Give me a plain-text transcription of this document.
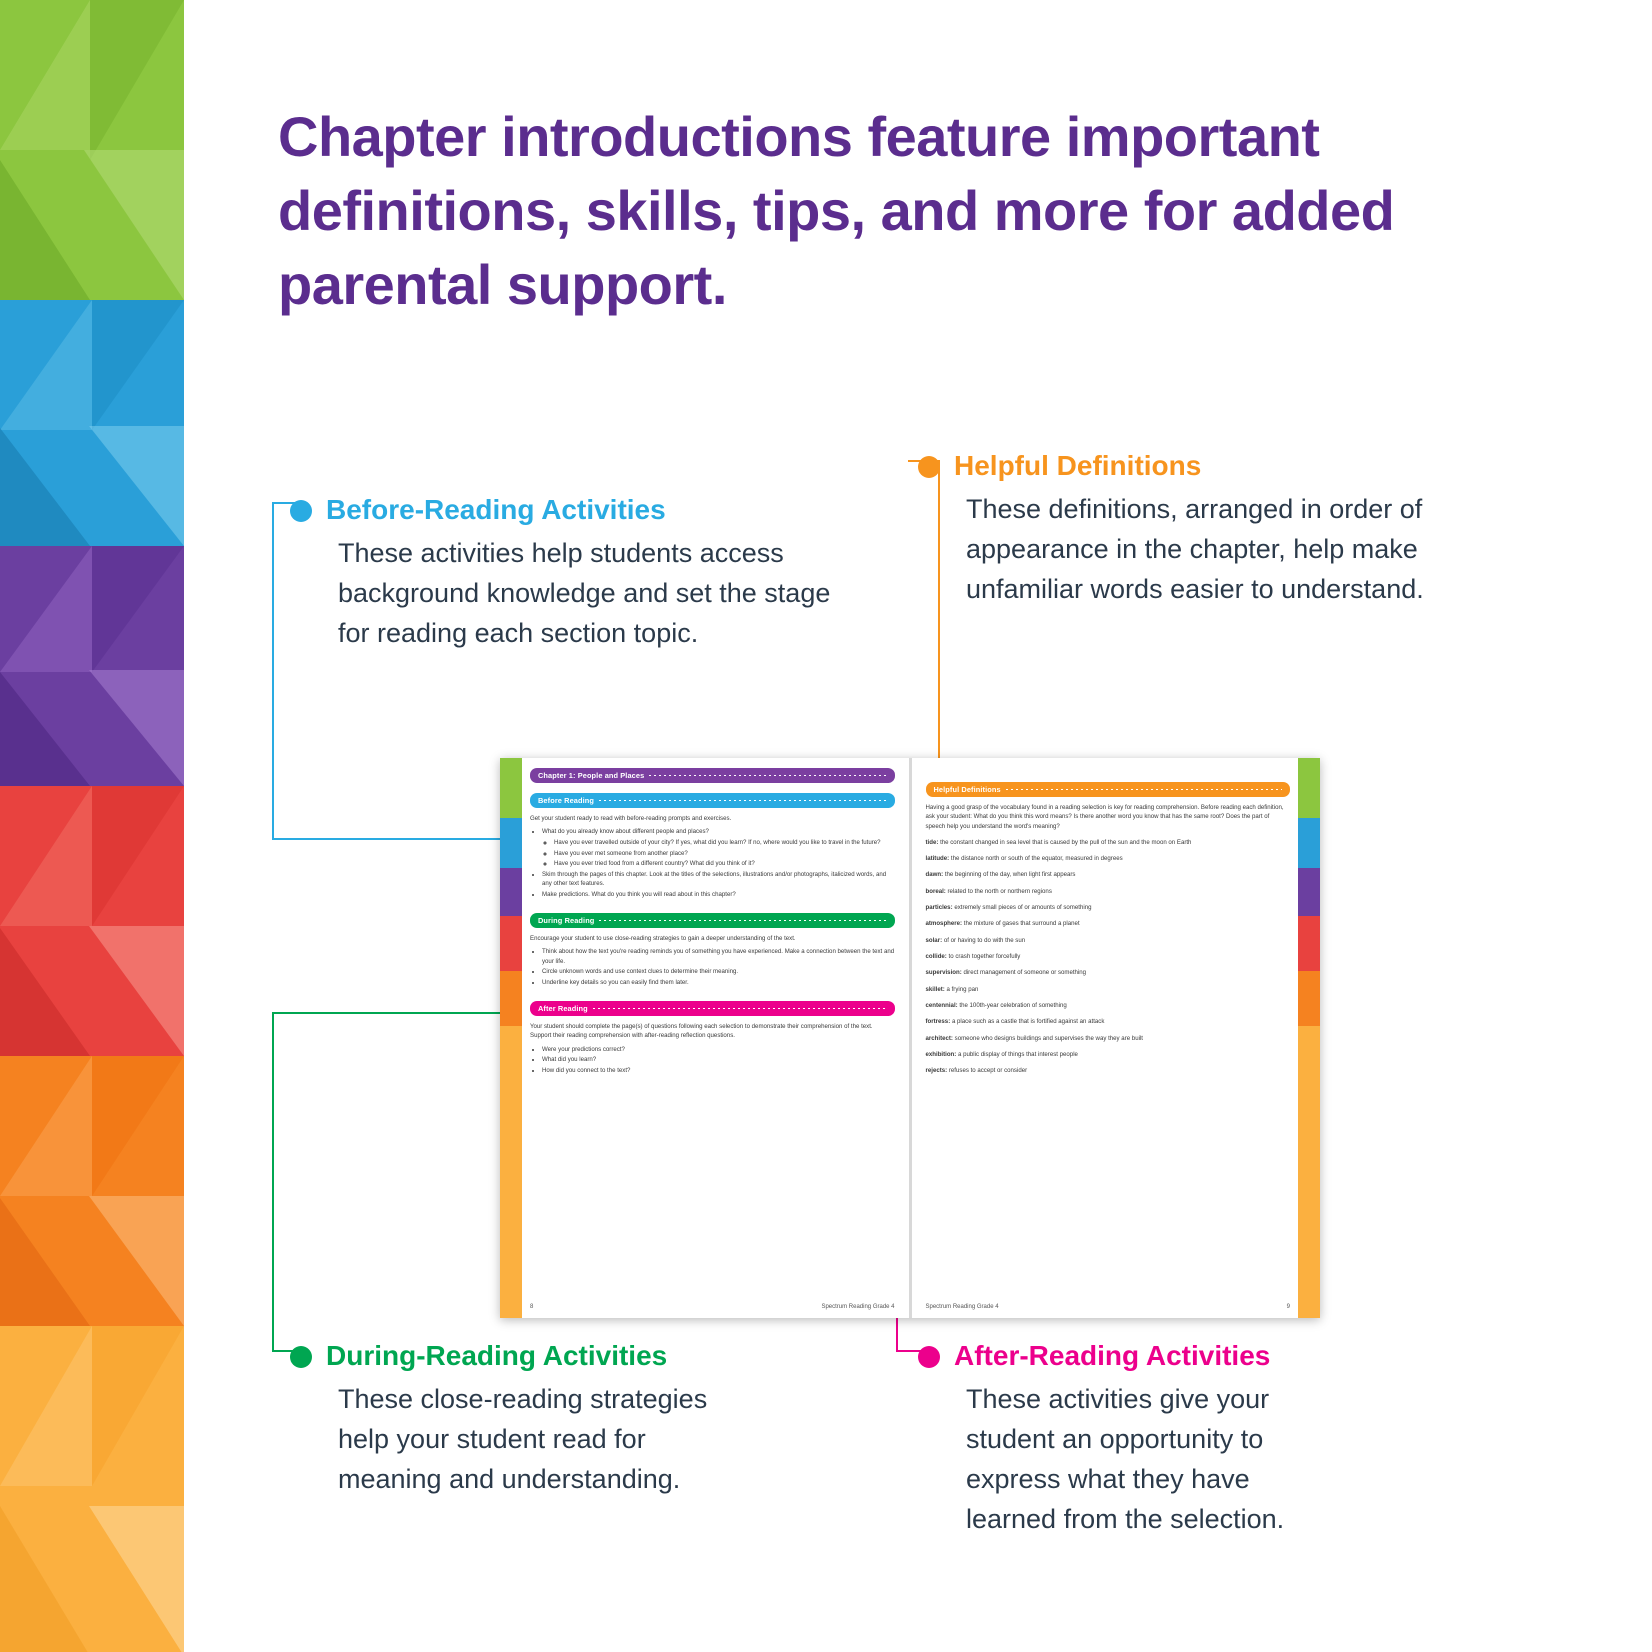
Chapter introductions feature important definitions, skills, tips, and more for added parental support.
Before-Reading Activities
These activities help students access background knowledge and set the stage for reading each section topic.
Helpful Definitions
These definitions, arranged in order of appearance in the chapter, help make unfamiliar words easier to understand.
During-Reading Activities
These close-reading strategies help your student read for meaning and understanding.
After-Reading Activities
These activities give your student an opportunity to express what they have learned from the selection.
Chapter 1: People and Places
Before Reading
Get your student ready to read with before-reading prompts and exercises.
• What do you already know about different people and places?
◦ Have you ever travelled outside of your city? If yes, what did you learn? If no, where would you like to travel in the future?
◦ Have you ever met someone from another place?
◦ Have you ever tried food from a different country? What did you think of it?
• Skim through the pages of this chapter. Look at the titles of the selections, illustrations and/or photographs, italicized words, and any other text features.
• Make predictions. What do you think you will read about in this chapter?
During Reading
Encourage your student to use close-reading strategies to gain a deeper understanding of the text.
• Think about how the text you're reading reminds you of something you have experienced. Make a connection between the text and your life.
• Circle unknown words and use context clues to determine their meaning.
• Underline key details so you can easily find them later.
After Reading
Your student should complete the page(s) of questions following each selection to demonstrate their comprehension of the text. Support their reading comprehension with after-reading reflection questions.
• Were your predictions correct?
• What did you learn?
• How did you connect to the text?
8	Spectrum Reading Grade 4
Helpful Definitions
Having a good grasp of the vocabulary found in a reading selection is key for reading comprehension. Before reading each definition, ask your student: What do you think this word means? Is there another word you know that has the same root? Does the part of speech help you understand the word's meaning?
tide: the constant changed in sea level that is caused by the pull of the sun and the moon on Earth
latitude: the distance north or south of the equator, measured in degrees
dawn: the beginning of the day, when light first appears
boreal: related to the north or northern regions
particles: extremely small pieces of or amounts of something
atmosphere: the mixture of gases that surround a planet
solar: of or having to do with the sun
collide: to crash together forcefully
supervision: direct management of someone or something
skillet: a frying pan
centennial: the 100th-year celebration of something
fortress: a place such as a castle that is fortified against an attack
architect: someone who designs buildings and supervises the way they are built
exhibition: a public display of things that interest people
rejects: refuses to accept or consider
9
Spectrum Reading Grade 4
